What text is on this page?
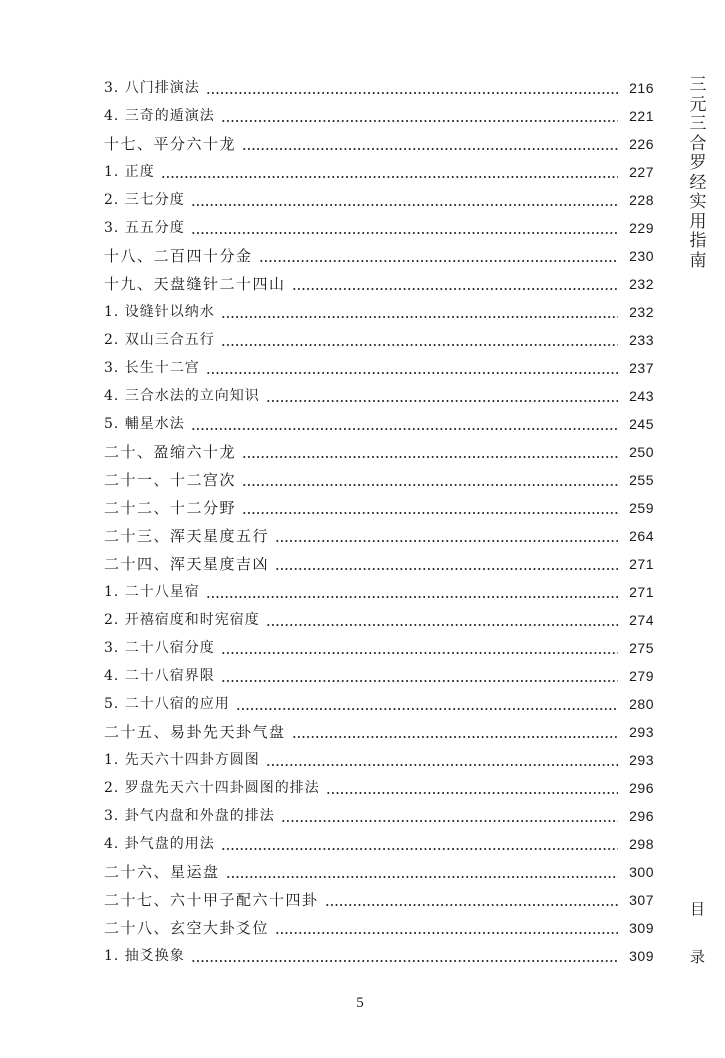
3. 八门排演法	216
4. 三奇的遁演法	221
十七、平分六十龙	226
1. 正度	227
2. 三七分度	228
3. 五五分度	229
十八、二百四十分金	230
十九、天盘缝针二十四山	232
1. 设缝针以纳水	232
2. 双山三合五行	233
3. 长生十二宫	237
4. 三合水法的立向知识	243
5. 輔星水法	245
二十、盈缩六十龙	250
二十一、十二宫次	255
二十二、十二分野	259
二十三、浑天星度五行	264
二十四、浑天星度吉凶	271
1. 二十八星宿	271
2. 开禧宿度和时宪宿度	274
3. 二十八宿分度	275
4. 二十八宿界限	279
5. 二十八宿的应用	280
二十五、易卦先天卦气盘	293
1. 先天六十四卦方圆图	293
2. 罗盘先天六十四卦圆图的排法	296
3. 卦气内盘和外盘的排法	296
4. 卦气盘的用法	298
二十六、星运盘	300
二十七、六十甲子配六十四卦	307
二十八、玄空大卦爻位	309
1. 抽爻换象	309
三
元
三
合
罗
经
实
用
指
南
目
录
5
